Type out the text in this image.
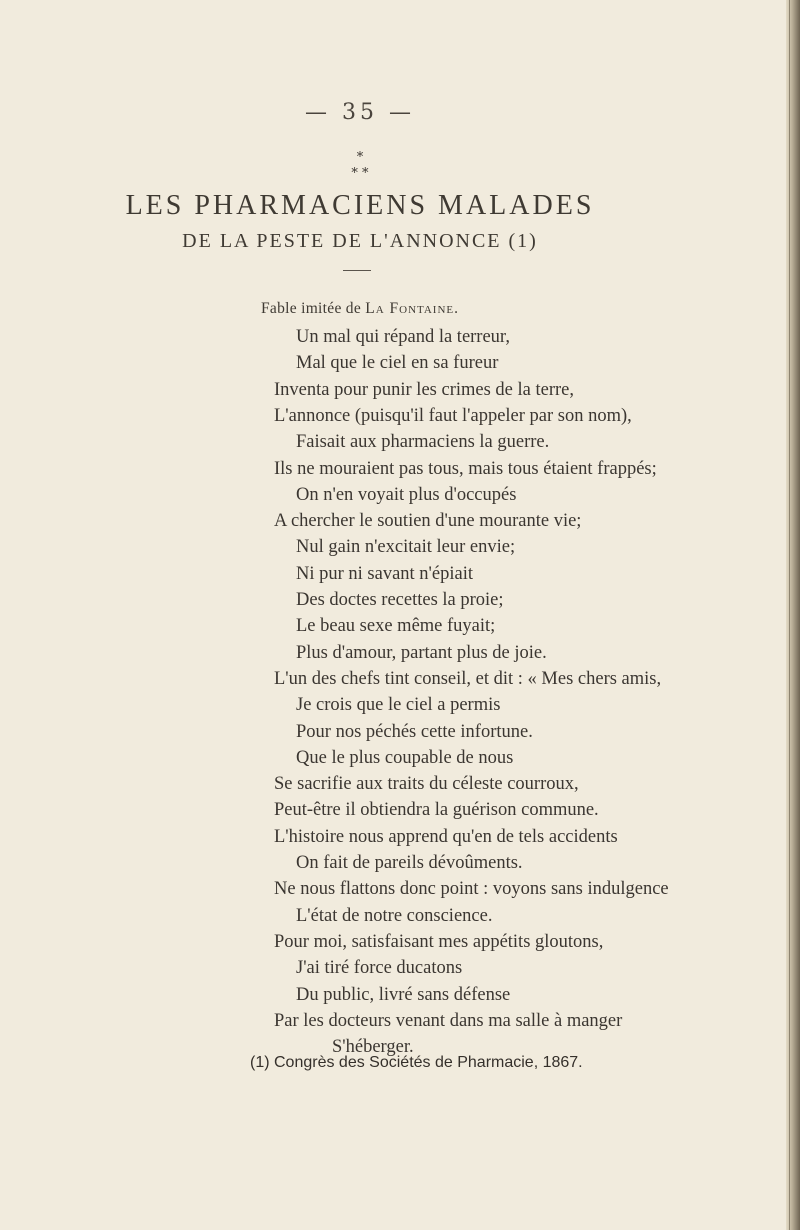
— 35 —
*
* *
LES PHARMACIENS MALADES
DE LA PESTE DE L'ANNONCE (1)
Fable imitée de La Fontaine.
Un mal qui répand la terreur,
Mal que le ciel en sa fureur
Inventa pour punir les crimes de la terre,
L'annonce (puisqu'il faut l'appeler par son nom),
Faisait aux pharmaciens la guerre.
Ils ne mouraient pas tous, mais tous étaient frappés;
On n'en voyait plus d'occupés
A chercher le soutien d'une mourante vie;
Nul gain n'excitait leur envie;
Ni pur ni savant n'épiait
Des doctes recettes la proie;
Le beau sexe même fuyait;
Plus d'amour, partant plus de joie.
L'un des chefs tint conseil, et dit : « Mes chers amis,
Je crois que le ciel a permis
Pour nos péchés cette infortune.
Que le plus coupable de nous
Se sacrifie aux traits du céleste courroux,
Peut-être il obtiendra la guérison commune.
L'histoire nous apprend qu'en de tels accidents
On fait de pareils dévoûments.
Ne nous flattons donc point : voyons sans indulgence
L'état de notre conscience.
Pour moi, satisfaisant mes appétits gloutons,
J'ai tiré force ducatons
Du public, livré sans défense
Par les docteurs venant dans ma salle à manger
S'héberger.
(1) Congrès des Sociétés de Pharmacie, 1867.
